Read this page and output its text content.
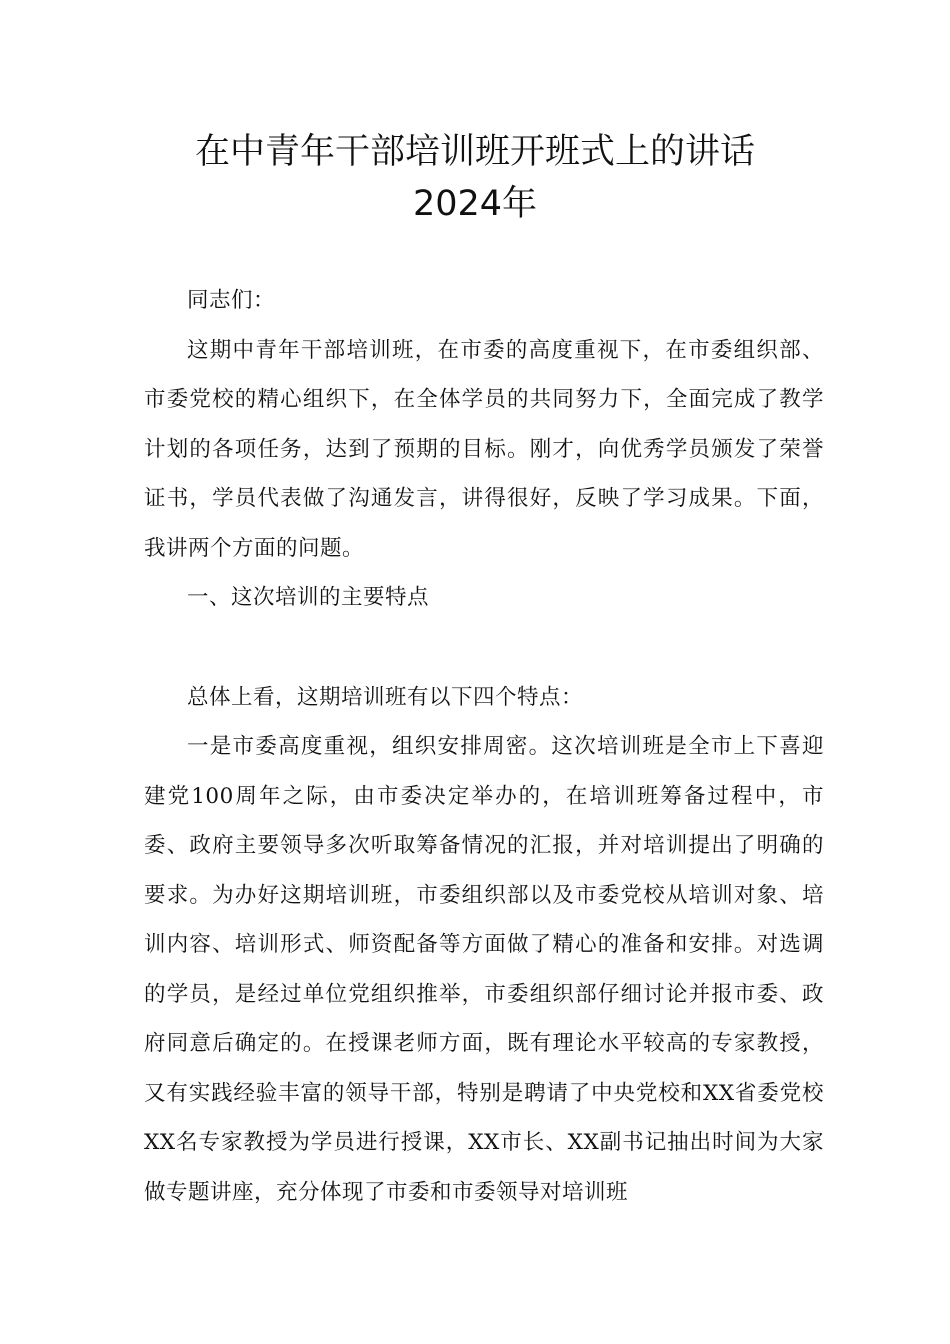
在中青年干部培训班开班式上的讲话
2024年

同志们：

这期中青年干部培训班，在市委的高度重视下，在市委组织部、市委党校的精心组织下，在全体学员的共同努力下，全面完成了教学计划的各项任务，达到了预期的目标。刚才，向优秀学员颁发了荣誉证书，学员代表做了沟通发言，讲得很好，反映了学习成果。下面，我讲两个方面的问题。

一、这次培训的主要特点

总体上看，这期培训班有以下四个特点：

一是市委高度重视，组织安排周密。这次培训班是全市上下喜迎建党100周年之际，由市委决定举办的，在培训班筹备过程中，市委、政府主要领导多次听取筹备情况的汇报，并对培训提出了明确的要求。为办好这期培训班，市委组织部以及市委党校从培训对象、培训内容、培训形式、师资配备等方面做了精心的准备和安排。对选调的学员，是经过单位党组织推举，市委组织部仔细讨论并报市委、政府同意后确定的。在授课老师方面，既有理论水平较高的专家教授，又有实践经验丰富的领导干部，特别是聘请了中央党校和XX省委党校XX名专家教授为学员进行授课，XX市长、XX副书记抽出时间为大家做专题讲座，充分体现了市委和市委领导对培训班
